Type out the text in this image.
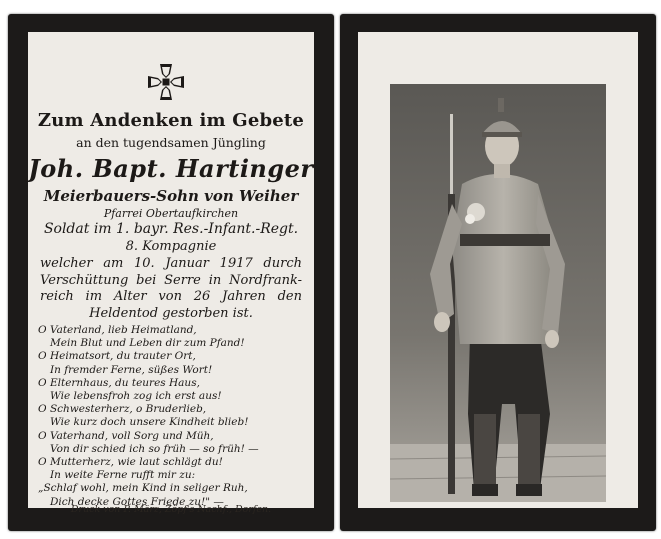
Zum Andenken im Gebete
an den tugendsamen Jüngling
Joh. Bapt. Hartinger
Meierbauers-Sohn von Weiher
Pfarrei Obertaufkirchen
Soldat im 1. bayr. Res.-Infant.-Regt.
8. Kompagnie
welcher am 10. Januar 1917 durch
Verschüttung bei Serre in Nordfrank-
reich im Alter von 26 Jahren den
Heldentod gestorben ist.
O Vaterland, lieb Heimatland,
Mein Blut und Leben dir zum Pfand!
O Heimatsort, du trauter Ort,
In fremder Ferne, süßes Wort!
O Elternhaus, du teures Haus,
Wie lebensfroh zog ich erst aus!
O Schwesterherz, o Bruderlieb,
Wie kurz doch unsere Kindheit blieb!
O Vaterhand, voll Sorg und Müh,
Von dir schied ich so früh — so früh! —
O Mutterherz, wie laut schlägt du!
In weite Ferne rufft mir zu:
„Schlaf wohl, mein Kind in seliger Ruh,
Dich decke Gottes Friede zu!" —
Druck von P. März, Zöpf's Nachf., Dorfen.
